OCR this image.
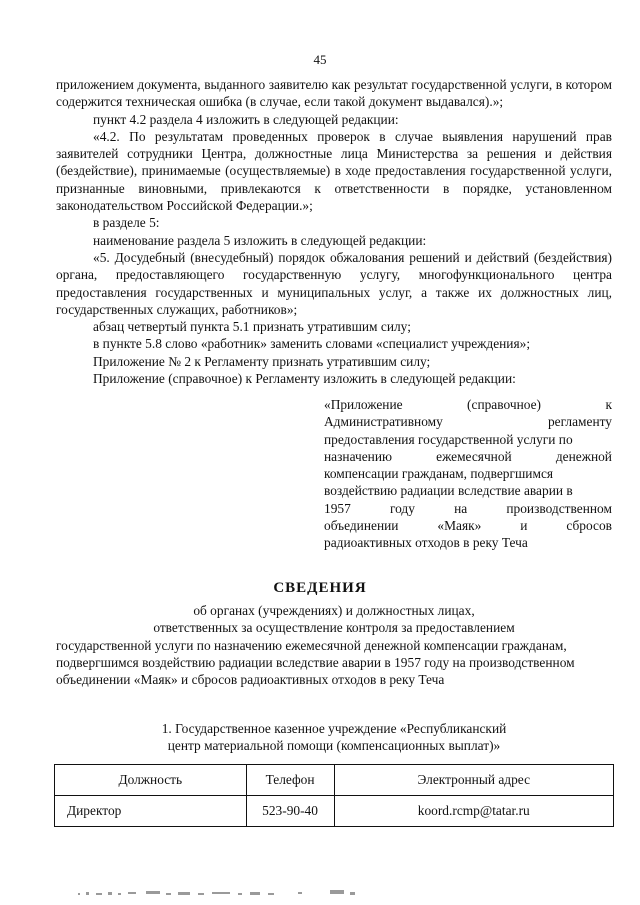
45

приложением документа, выданного заявителю как результат государственной услуги, в котором содержится техническая ошибка (в случае, если такой документ выдавался).»;

пункт 4.2 раздела 4 изложить в следующей редакции:

«4.2. По результатам проведенных проверок в случае выявления нарушений прав заявителей сотрудники Центра, должностные лица Министерства за решения и действия (бездействие), принимаемые (осуществляемые) в ходе предоставления государственной услуги, признанные виновными, привлекаются к ответственности в порядке, установленном законодательством Российской Федерации.»;

в разделе 5:

наименование раздела 5 изложить в следующей редакции:

«5. Досудебный (внесудебный) порядок обжалования решений и действий (бездействия) органа, предоставляющего государственную услугу, многофункционального центра предоставления государственных и муниципальных услуг, а также их должностных лиц, государственных служащих, работников»;

абзац четвертый пункта 5.1 признать утратившим силу;

в пункте 5.8 слово «работник» заменить словами «специалист учреждения»;

Приложение № 2 к Регламенту признать утратившим силу;

Приложение (справочное) к Регламенту изложить в следующей редакции:

«Приложение	(справочное)	к
Административному	регламенту
предоставления государственной услуги по
назначению	ежемесячной	денежной
компенсации гражданам, подвергшимся
воздействию радиации вследствие аварии в
1957	году	на	производственном
объединении	«Маяк»	и	сбросов
радиоактивных отходов в реку Теча
СВЕДЕНИЯ
об органах (учреждениях) и должностных лицах,
ответственных за осуществление контроля за предоставлением
государственной услуги по назначению ежемесячной денежной компенсации гражданам, подвергшимся воздействию радиации вследствие аварии в 1957 году на производственном объединении «Маяк» и сбросов радиоактивных отходов в реку Теча
1. Государственное казенное учреждение «Республиканский
центр материальной помощи (компенсационных выплат)»
Должность	Телефон	Электронный адрес
Директор	523-90-40	koord.rcmp@tatar.ru
